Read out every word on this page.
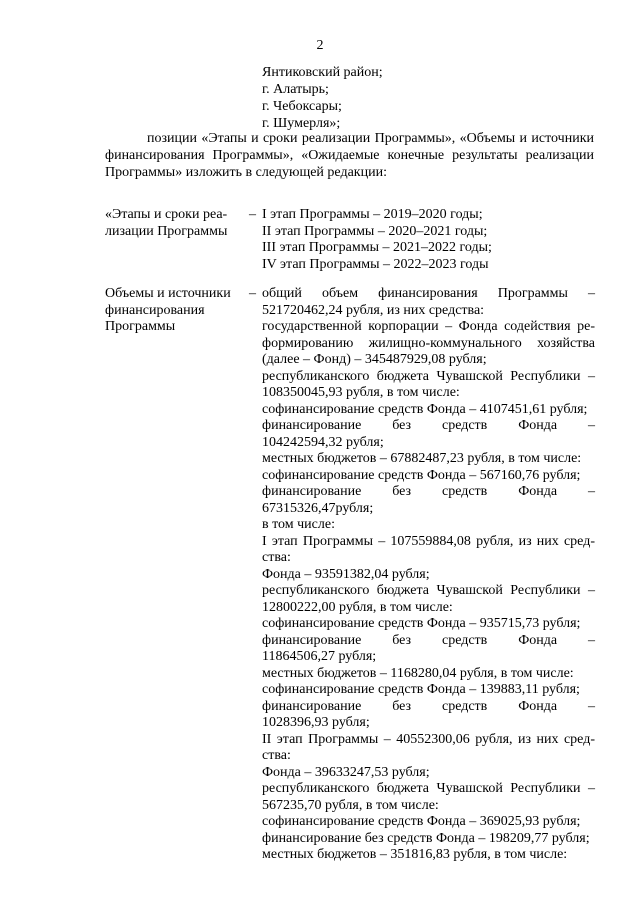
2
Янтиковский район;
г. Алатырь;
г. Чебоксары;
г. Шумерля»;

позиции «Этапы и сроки реализации Программы», «Объемы и источники финансирования Программы», «Ожидаемые конечные результаты реализации Программы» изложить в следующей редакции:

«Этапы и сроки реа-
лизации Программы
– I этап Программы – 2019–2020 годы;
II этап Программы – 2020–2021 годы;
III этап Программы – 2021–2022 годы;
IV этап Программы – 2022–2023 годы
Объемы и источники
финансирования
Программы
– общий объем финансирования Программы –
521720462,24 рубля, из них средства:
государственной корпорации – Фонда содействия ре-
формированию жилищно-коммунального хозяйства
(далее – Фонд) – 345487929,08 рубля;
республиканского бюджета Чувашской Республики –
108350045,93 рубля, в том числе:
софинансирование средств Фонда – 4107451,61 рубля;
финансирование без средств Фонда –
104242594,32 рубля;
местных бюджетов – 67882487,23 рубля, в том числе:
софинансирование средств Фонда – 567160,76 рубля;
финансирование без средств Фонда –
67315326,47рубля;
в том числе:
I этап Программы – 107559884,08 рубля, из них сред-
ства:
Фонда – 93591382,04 рубля;
республиканского бюджета Чувашской Республики –
12800222,00 рубля, в том числе:
софинансирование средств Фонда – 935715,73 рубля;
финансирование без средств Фонда –
11864506,27 рубля;
местных бюджетов – 1168280,04 рубля, в том числе:
софинансирование средств Фонда – 139883,11 рубля;
финансирование без средств Фонда –
1028396,93 рубля;
II этап Программы – 40552300,06 рубля, из них сред-
ства:
Фонда – 39633247,53 рубля;
республиканского бюджета Чувашской Республики –
567235,70 рубля, в том числе:
софинансирование средств Фонда – 369025,93 рубля;
финансирование без средств Фонда – 198209,77 рубля;
местных бюджетов – 351816,83 рубля, в том числе:
